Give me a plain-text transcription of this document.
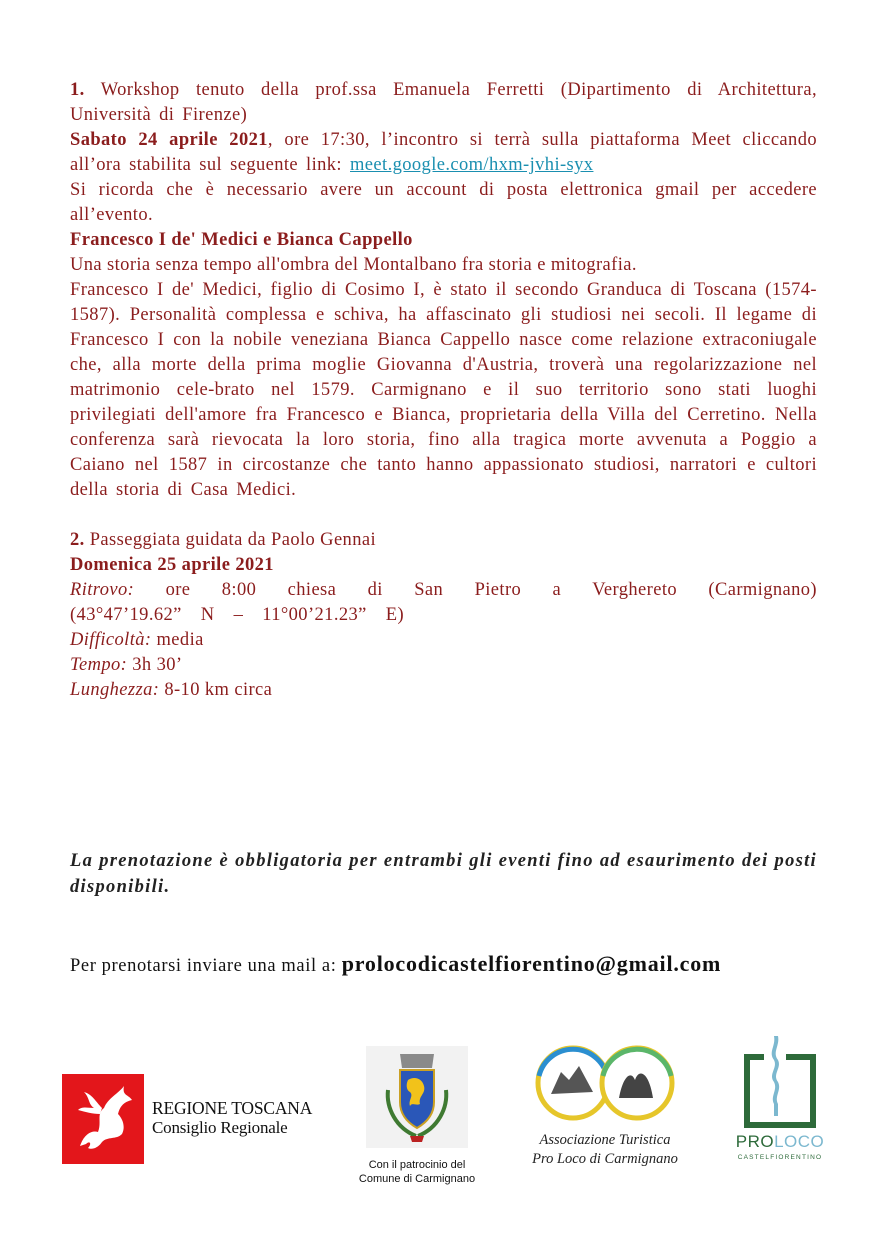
1. Workshop tenuto della prof.ssa Emanuela Ferretti (Dipartimento di Architettura, Università di Firenze)

Sabato 24 aprile 2021, ore 17:30, l’incontro si terrà sulla piattaforma Meet cliccando all’ora stabilita sul seguente link: meet.google.com/hxm-jvhi-syx

Si ricorda che è necessario avere un account di posta elettronica gmail per accedere all’evento.

Francesco I de' Medici e Bianca Cappello

Una storia senza tempo all'ombra del Montalbano fra storia e mitografia.

Francesco I de' Medici, figlio di Cosimo I, è stato il secondo Granduca di Toscana (1574-1587). Personalità complessa e schiva, ha affascinato gli studiosi nei secoli. Il legame di Francesco I con la nobile veneziana Bianca Cappello nasce come relazione extraconiugale che, alla morte della prima moglie Giovanna d'Austria, troverà una regolarizzazione nel matrimonio cele-brato nel 1579. Carmignano e il suo territorio sono stati luoghi privilegiati dell'amore fra Francesco e Bianca, proprietaria della Villa del Cerretino. Nella conferenza sarà rievocata la loro storia, fino alla tragica morte avvenuta a Poggio a Caiano nel 1587 in circostanze che tanto hanno appassionato studiosi, narratori e cultori della storia di Casa Medici.

2. Passeggiata guidata da Paolo Gennai

Domenica 25 aprile 2021

Ritrovo: ore 8:00 chiesa di San Pietro a Verghereto (Carmignano) (43°47’19.62” N – 11°00’21.23” E)

Difficoltà: media

Tempo: 3h 30’

Lunghezza: 8-10 km circa

La prenotazione è obbligatoria per entrambi gli eventi fino ad esaurimento dei posti disponibili.

Per prenotarsi inviare una mail a: prolocodicastelfiorentino@gmail.com

REGIONE TOSCANA
Consiglio Regionale
Con il patrocinio del
Comune di Carmignano
Associazione Turistica
Pro Loco di Carmignano
PROLOCO
CASTELFIORENTINO
